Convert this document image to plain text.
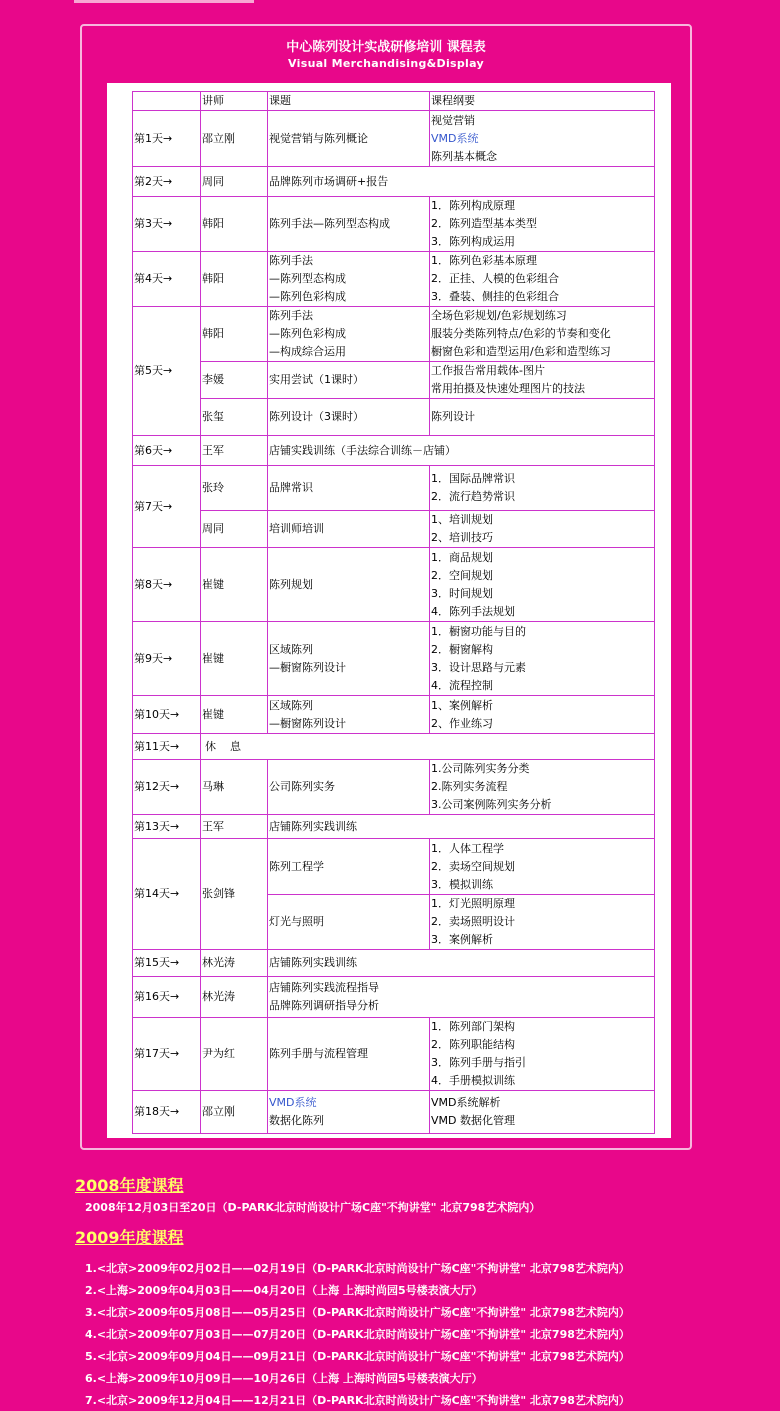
中心陈列设计实战研修培训 课程表
Visual Merchandising&Display
	讲师	课题	课程纲要
第1天→	邵立刚	视觉营销与陈列概论	视觉营销
VMD系统
陈列基本概念

第2天→	周同	品牌陈列市场调研+报告	
第3天→	韩阳	陈列手法—陈列型态构成	1．陈列构成原理
2．陈列造型基本类型
3．陈列构成运用

第4天→	韩阳	陈列手法
—陈列型态构成
—陈列色彩构成	1．陈列色彩基本原理
2．正挂、人模的色彩组合
3．叠装、侧挂的色彩组合

第5天→	韩阳	陈列手法
—陈列色彩构成
—构成综合运用	全场色彩规划/色彩规划练习
服装分类陈列特点/色彩的节奏和变化
橱窗色彩和造型运用/色彩和造型练习

	李媛	实用尝试（1课时）	工作报告常用载体-图片
常用拍摄及快速处理图片的技法

	张玺	陈列设计（3课时）	陈列设计
第6天→	王军	店铺实践训练（手法综合训练－店铺）	
第7天→	张玲	品牌常识	1．国际品牌常识
2．流行趋势常识

	周同	培训师培训	1、培训规划
2、培训技巧

第8天→	崔键	陈列规划	1．商品规划
2．空间规划
3．时间规划
4．陈列手法规划

第9天→	崔键	区域陈列
—橱窗陈列设计	1．橱窗功能与目的
2．橱窗解构
3．设计思路与元素
4．流程控制

第10天→	崔键	区域陈列
—橱窗陈列设计	1、案例解析
2、作业练习

第11天→	休    息		
第12天→	马琳	公司陈列实务	1.公司陈列实务分类
2.陈列实务流程
3.公司案例陈列实务分析

第13天→	王军	店铺陈列实践训练	
第14天→	张剑锋	陈列工程学	1．人体工程学
2．卖场空间规划
3．模拟训练

		灯光与照明	1．灯光照明原理
2．卖场照明设计
3．案例解析

第15天→	林光涛	店铺陈列实践训练	
第16天→	林光涛	店铺陈列实践流程指导
品牌陈列调研指导分析	

第17天→	尹为红	陈列手册与流程管理	1．陈列部门架构
2．陈列职能结构
3．陈列手册与指引
4．手册模拟训练

第18天→	邵立刚	VMD系统
数据化陈列	VMD系统解析
VMD 数据化管理
2008年度课程
2008年12月03日至20日（D-PARK北京时尚设计广场C座"不拘讲堂" 北京798艺术院内）
2009年度课程
1.<北京>2009年02月02日——02月19日（D-PARK北京时尚设计广场C座"不拘讲堂" 北京798艺术院内）
2.<上海>2009年04月03日——04月20日（上海 上海时尚园5号楼表演大厅）
3.<北京>2009年05月08日——05月25日（D-PARK北京时尚设计广场C座"不拘讲堂" 北京798艺术院内）
4.<北京>2009年07月03日——07月20日（D-PARK北京时尚设计广场C座"不拘讲堂" 北京798艺术院内）
5.<北京>2009年09月04日——09月21日（D-PARK北京时尚设计广场C座"不拘讲堂" 北京798艺术院内）
6.<上海>2009年10月09日——10月26日（上海 上海时尚园5号楼表演大厅）
7.<北京>2009年12月04日——12月21日（D-PARK北京时尚设计广场C座"不拘讲堂" 北京798艺术院内）
